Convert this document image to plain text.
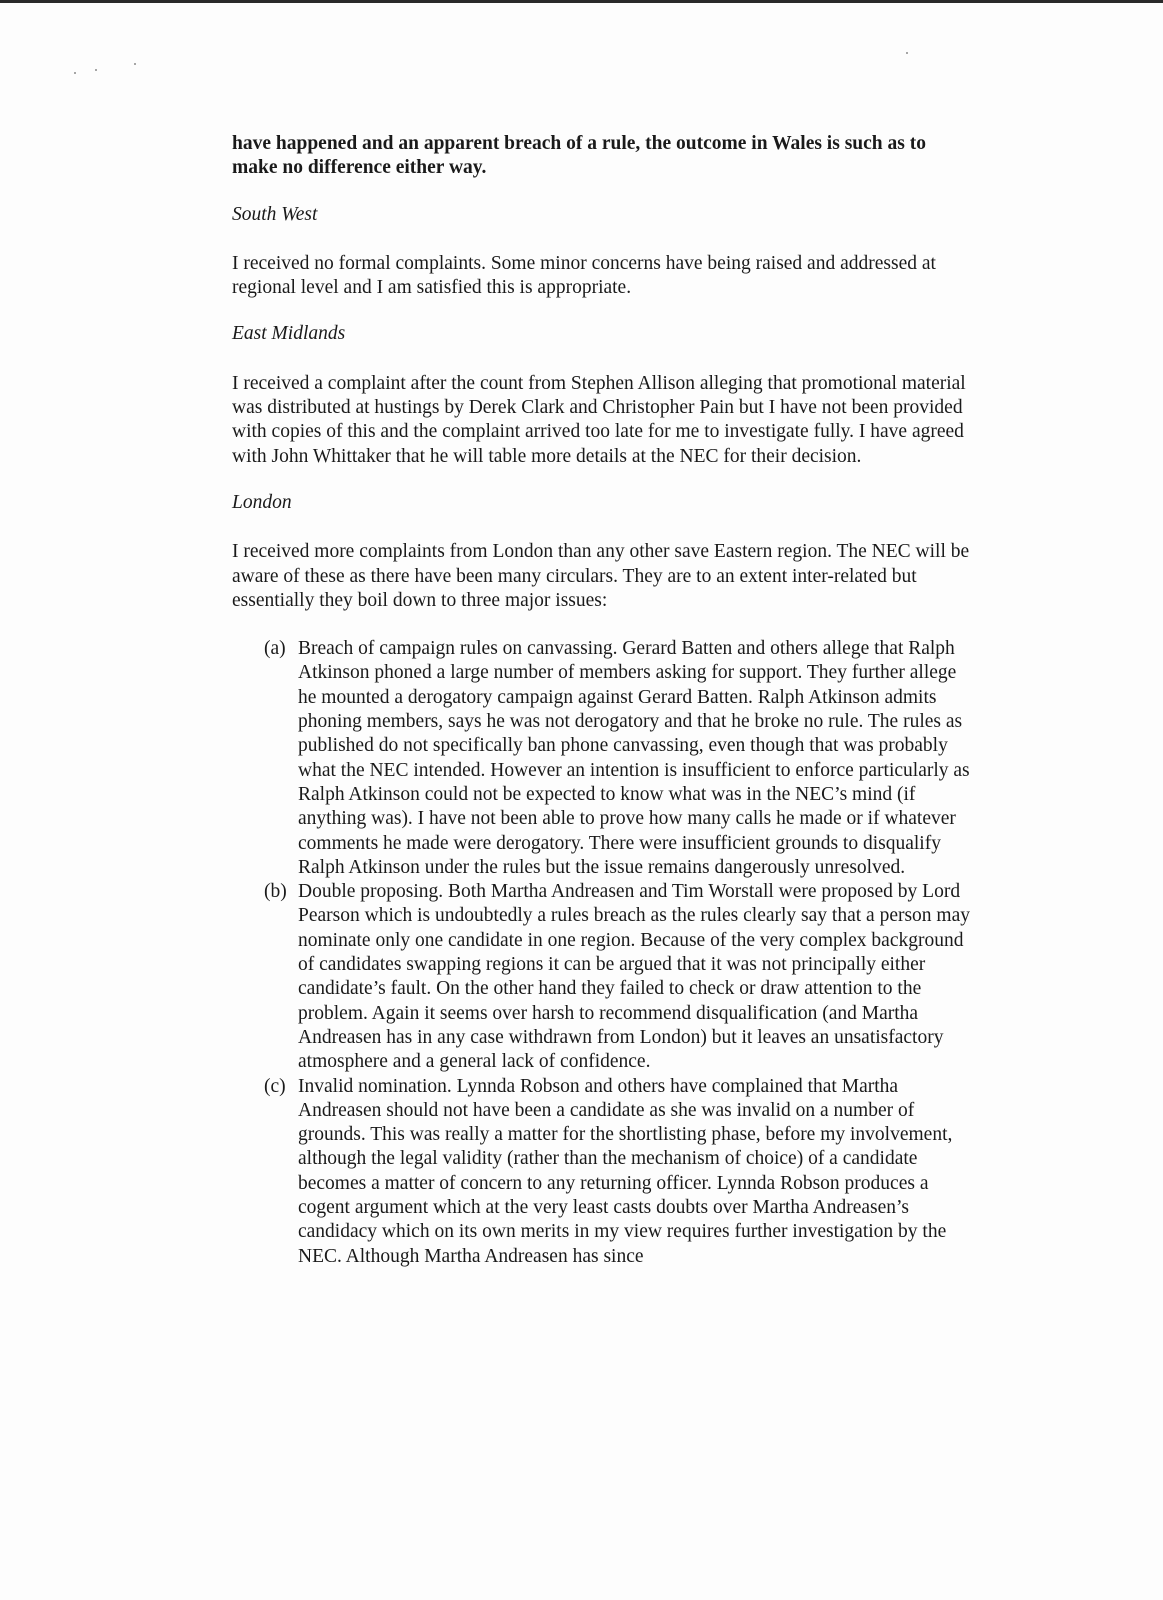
have happened and an apparent breach of a rule, the outcome in Wales is such as to make no difference either way.

South West

I received no formal complaints. Some minor concerns have being raised and addressed at regional level and I am satisfied this is appropriate.

East Midlands

I received a complaint after the count from Stephen Allison alleging that promotional material was distributed at hustings by Derek Clark and Christopher Pain but I have not been provided with copies of this and the complaint arrived too late for me to investigate fully. I have agreed with John Whittaker that he will table more details at the NEC for their decision.

London

I received more complaints from London than any other save Eastern region. The NEC will be aware of these as there have been many circulars. They are to an extent inter-related but essentially they boil down to three major issues:

(a) Breach of campaign rules on canvassing. Gerard Batten and others allege that Ralph Atkinson phoned a large number of members asking for support. They further allege he mounted a derogatory campaign against Gerard Batten. Ralph Atkinson admits phoning members, says he was not derogatory and that he broke no rule. The rules as published do not specifically ban phone canvassing, even though that was probably what the NEC intended. However an intention is insufficient to enforce particularly as Ralph Atkinson could not be expected to know what was in the NEC’s mind (if anything was). I have not been able to prove how many calls he made or if whatever comments he made were derogatory. There were insufficient grounds to disqualify Ralph Atkinson under the rules but the issue remains dangerously unresolved.
(b) Double proposing. Both Martha Andreasen and Tim Worstall were proposed by Lord Pearson which is undoubtedly a rules breach as the rules clearly say that a person may nominate only one candidate in one region. Because of the very complex background of candidates swapping regions it can be argued that it was not principally either candidate’s fault. On the other hand they failed to check or draw attention to the problem. Again it seems over harsh to recommend disqualification (and Martha Andreasen has in any case withdrawn from London) but it leaves an unsatisfactory atmosphere and a general lack of confidence.
(c) Invalid nomination. Lynnda Robson and others have complained that Martha Andreasen should not have been a candidate as she was invalid on a number of grounds. This was really a matter for the shortlisting phase, before my involvement, although the legal validity (rather than the mechanism of choice) of a candidate becomes a matter of concern to any returning officer. Lynnda Robson produces a cogent argument which at the very least casts doubts over Martha Andreasen’s candidacy which on its own merits in my view requires further investigation by the NEC. Although Martha Andreasen has since
